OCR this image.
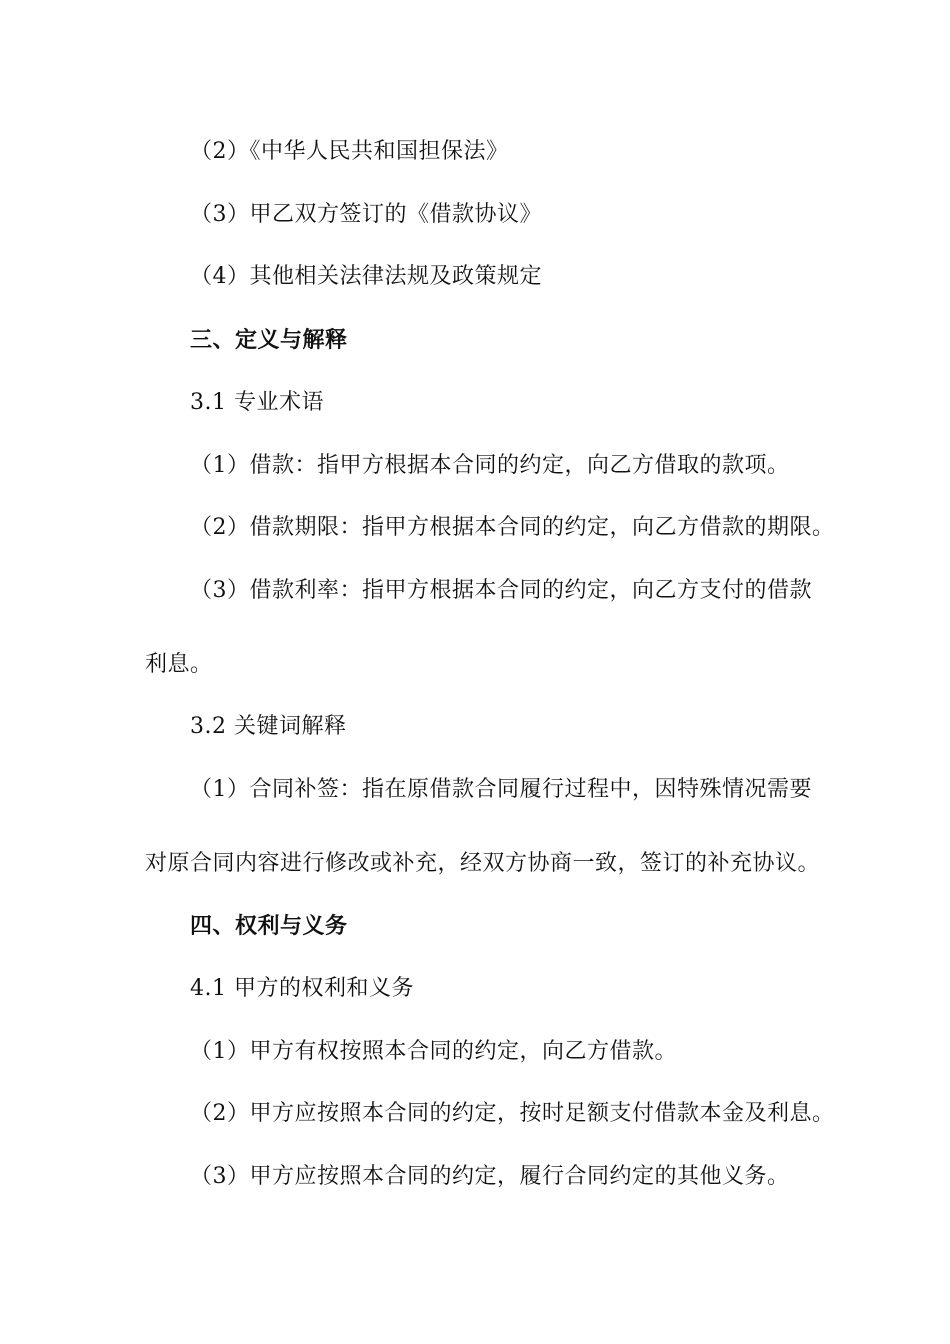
（2）《中华人民共和国担保法》
（3）甲乙双方签订的《借款协议》
（4）其他相关法律法规及政策规定
三、定义与解释
3.1 专业术语
（1）借款：指甲方根据本合同的约定，向乙方借取的款项。
（2）借款期限：指甲方根据本合同的约定，向乙方借款的期限。
（3）借款利率：指甲方根据本合同的约定，向乙方支付的借款
利息。
3.2 关键词解释
（1）合同补签：指在原借款合同履行过程中，因特殊情况需要
对原合同内容进行修改或补充，经双方协商一致，签订的补充协议。
四、权利与义务
4.1 甲方的权利和义务
（1）甲方有权按照本合同的约定，向乙方借款。
（2）甲方应按照本合同的约定，按时足额支付借款本金及利息。
（3）甲方应按照本合同的约定，履行合同约定的其他义务。
